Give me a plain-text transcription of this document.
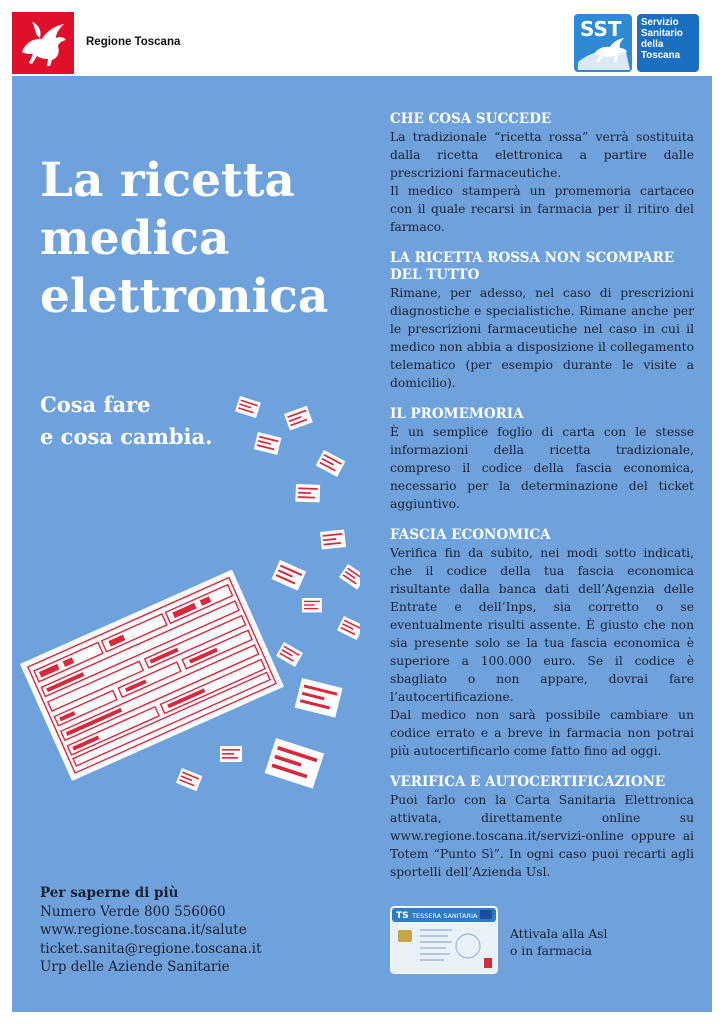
Regione Toscana
SST Servizio
Sanitario
della
Toscana
La ricetta
medica
elettronica
Cosa fare
e cosa cambia.
CHE COSA SUCCEDE

La tradizionale “ricetta rossa” verrà sostituita dalla ricetta elettronica a partire dalle prescrizioni farmaceutiche.

Il medico stamperà un promemoria cartaceo con il quale recarsi in farmacia per il ritiro del farmaco.

LA RICETTA ROSSA NON SCOMPARE DEL TUTTO

Rimane, per adesso, nel caso di prescrizioni diagnostiche e specialistiche. Rimane anche per le prescrizioni farmaceutiche nel caso in cui il medico non abbia a disposizione il collegamento telematico (per esempio durante le visite a domicilio).

IL PROMEMORIA

È un semplice foglio di carta con le stesse informazioni della ricetta tradizionale, compreso il codice della fascia economica, necessario per la determinazione del ticket aggiuntivo.

FASCIA ECONOMICA

Verifica fin da subito, nei modi sotto indicati, che il codice della tua fascia economica risultante dalla banca dati dell’Agenzia delle Entrate e dell’Inps, sia corretto o se eventualmente risulti assente. È giusto che non sia presente solo se la tua fascia economica è superiore a 100.000 euro. Se il codice è sbagliato o non appare, dovrai fare l’autocertificazione.

Dal medico non sarà possibile cambiare un codice errato e a breve in farmacia non potrai più autocertificarlo come fatto fino ad oggi.

VERIFICA E AUTOCERTIFICAZIONE

Puoi farlo con la Carta Sanitaria Elettronica attivata, direttamente online su www.regione.toscana.it/servizi-online oppure ai Totem “Punto Sì”. In ogni caso puoi recarti agli sportelli dell’Azienda Usl.

Per saperne di più
Numero Verde 800 556060
www.regione.toscana.it/salute
ticket.sanita@regione.toscana.it
Urp delle Aziende Sanitarie
TS TESSERA SANITARIA
Attivala alla Asl
o in farmacia
